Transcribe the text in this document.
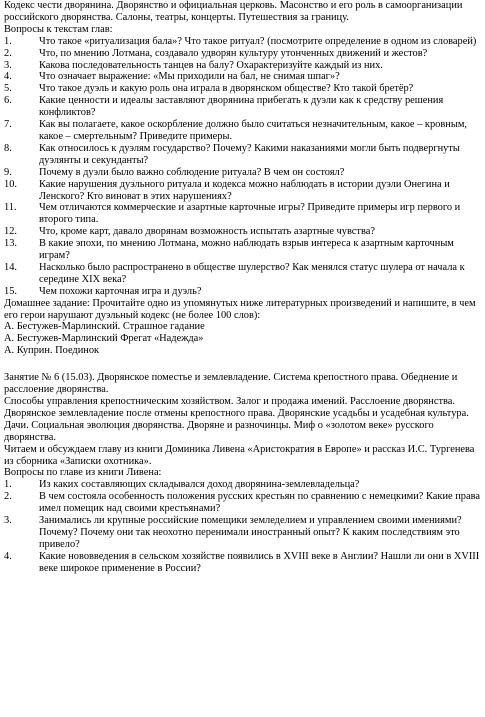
Кодекс чести дворянина. Дворянство и официальная церковь. Масонство и его роль в самоорганизации российского дворянства. Салоны, театры, концерты. Путешествия за границу.

Вопросы к текстам глав:

1.	Что такое «ритуализация бала»? Что такое ритуал? (посмотрите определение в одном из словарей)
2.	Что, по мнению Лотмана, создавало удворян культуру утонченных движений и жестов?
3.	Какова последовательность танцев на балу? Охарактеризуйте каждый из них.
4.	Что означает выражение: «Мы приходили на бал, не снимая шпаг»?
5.	Что такое дуэль и какую роль она играла в дворянском обществе? Кто такой бретёр?
6.	Какие ценности и идеалы заставляют дворянина прибегать к дуэли как к средству решения конфликтов?
7.	Как вы полагаете, какое оскорбление должно было считаться незначительным, какое – кровным, какое – смертельным? Приведите примеры.
8.	Как относилось к дуэлям государство? Почему? Какими наказаниями могли быть подвергнуты дуэлянты и секунданты?
9.	Почему в дуэли было важно соблюдение ритуала? В чем он состоял?
10.	Какие нарушения дуэльного ритуала и кодекса можно наблюдать в истории дуэли Онегина и Ленского? Кто виноват в этих нарушениях?
11.	Чем отличаются коммерческие и азартные карточные игры? Приведите примеры игр первого и второго типа.
12.	Что, кроме карт, давало дворянам возможность испытать азартные чувства?
13.	В какие эпохи, по мнению Лотмана, можно наблюдать взрыв интереса к азартным карточным играм?
14.	Насколько было распространено в обществе шулерство? Как менялся статус шулера от начала к середине XIX века?
15.	Чем похожи карточная игра и дуэль?

Домашнее задание: Прочитайте одно из упомянутых ниже литературных произведений и напишите, в чем его герои нарушают дуэльный кодекс (не более 100 слов):

А. Бестужев-Марлинский. Страшное гадание

А. Бестужев-Марлинский Фрегат «Надежда»

А. Куприн. Поединок

Занятие № 6 (15.03). Дворянское поместье и землевладение. Система крепостного права. Обеднение и расслоение дворянства.

Способы управления крепостническим хозяйством. Залог и продажа имений. Расслоение дворянства. Дворянское землевладение после отмены крепостного права. Дворянские усадьбы и усадебная культура. Дачи. Социальная эволюция дворянства. Дворяне и разночинцы. Миф о «золотом веке» русского дворянства.

Читаем и обсуждаем главу из книги Доминика Ливена «Аристократия в Европе» и рассказ И.С. Тургенева из сборника «Записки охотника».

Вопросы по главе из книги Ливена:

1.	Из каких составляющих складывался доход дворянина-землевладельца?
2.	В чем состояла особенность положения русских крестьян по сравнению с немецкими? Какие права имел помещик над своими крестьянами?
3.	Занимались ли крупные российские помещики земледелием и управлением своими имениями? Почему? Почему они так неохотно перенимали иностранный опыт? К каким последствиям это привело?
4.	Какие нововведения в сельском хозяйстве появились в XVIII веке в Англии? Нашли ли они в XVIII веке широкое применение в России?
